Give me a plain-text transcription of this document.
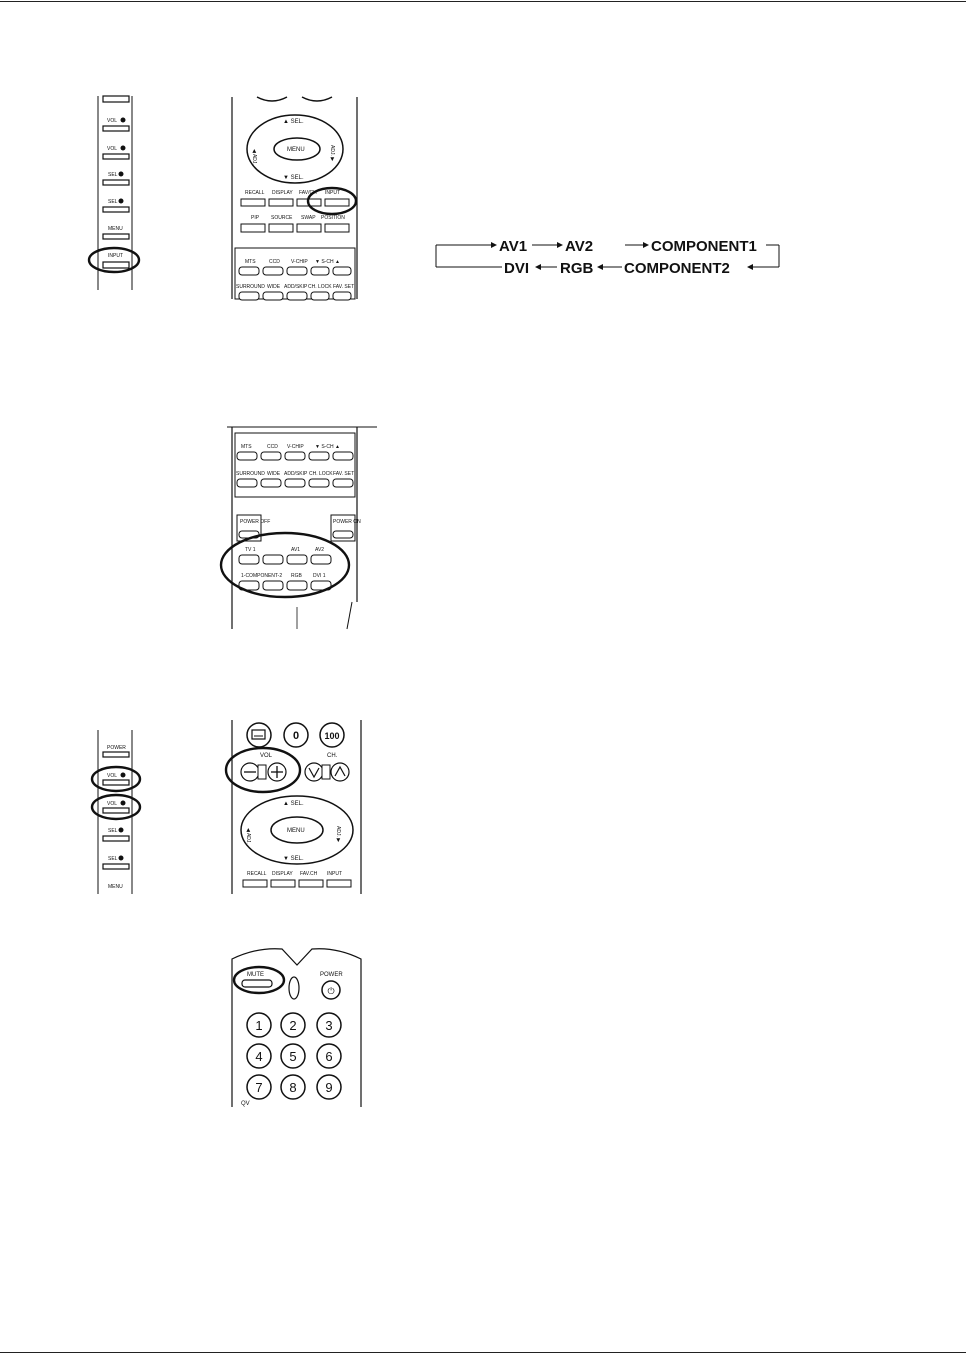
VOL
VOL
SEL
SEL
MENU
INPUT
MENU
▲ SEL.
▼ SEL.
◀ ADJ.	ADJ. ▶
RECALL DISPLAY FAV/CH INPUT
PIP SOURCE SWAP POSITION
MTS	CCD V-CHIP ▼ S-CH ▲
SURROUND WIDE ADD/SKIP CH. LOCK FAV. SET
AV1	AV2	COMPONENT1
COMPONENT2
RGB
DVI
MTS	CCD V-CHIP ▼ S-CH ▲
SURROUND WIDE ADD/SKIP CH. LOCK FAV. SET
POWER OFF	POWER ON
TV 1	AV1	AV2
1-COMPONENT-2 RGB DVI 1
POWER
VOL
VOL
SEL
SEL
MENU
0	100
VOL	CH.
MENU
▲ SEL.
▼ SEL.
◀ ADJ.	ADJ. ▶
RECALL DISPLAY FAV.CH INPUT
MUTE	POWER
⏻
1 2 3
4 5 6
7 8 9
QV
